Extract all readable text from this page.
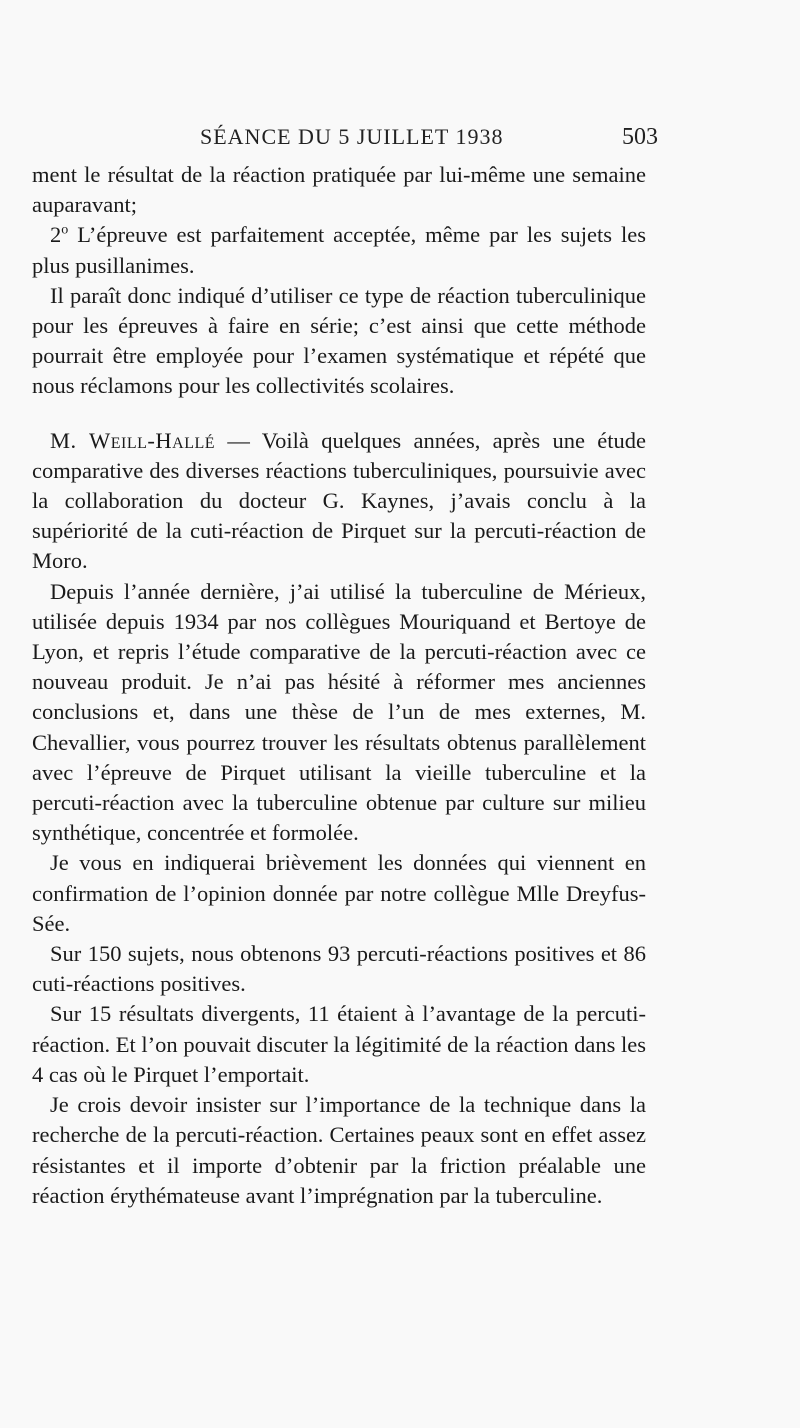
SÉANCE DU 5 JUILLET 1938	503

ment le résultat de la réaction pratiquée par lui-même une semaine auparavant;

2$^o$ L’épreuve est parfaitement acceptée, même par les sujets les plus pusillanimes.

Il paraît donc indiqué d’utiliser ce type de réaction tuberculinique pour les épreuves à faire en série; c’est ainsi que cette méthode pourrait être employée pour l’examen systématique et répété que nous réclamons pour les collectivités scolaires.

M. Weill-Hallé — Voilà quelques années, après une étude comparative des diverses réactions tuberculiniques, poursuivie avec la collaboration du docteur G. Kaynes, j’avais conclu à la supériorité de la cuti-réaction de Pirquet sur la percuti-réaction de Moro.

Depuis l’année dernière, j’ai utilisé la tuberculine de Mérieux, utilisée depuis 1934 par nos collègues Mouriquand et Bertoye de Lyon, et repris l’étude comparative de la percuti-réaction avec ce nouveau produit. Je n’ai pas hésité à réformer mes anciennes conclusions et, dans une thèse de l’un de mes externes, M. Chevallier, vous pourrez trouver les résultats obtenus parallèlement avec l’épreuve de Pirquet utilisant la vieille tuberculine et la percuti-réaction avec la tuberculine obtenue par culture sur milieu synthétique, concentrée et formolée.

Je vous en indiquerai brièvement les données qui viennent en confirmation de l’opinion donnée par notre collègue Mlle Dreyfus-Sée.

Sur 150 sujets, nous obtenons 93 percuti-réactions positives et 86 cuti-réactions positives.

Sur 15 résultats divergents, 11 étaient à l’avantage de la percuti-réaction. Et l’on pouvait discuter la légitimité de la réaction dans les 4 cas où le Pirquet l’emportait.

Je crois devoir insister sur l’importance de la technique dans la recherche de la percuti-réaction. Certaines peaux sont en effet assez résistantes et il importe d’obtenir par la friction préalable une réaction érythémateuse avant l’imprégnation par la tuberculine.
